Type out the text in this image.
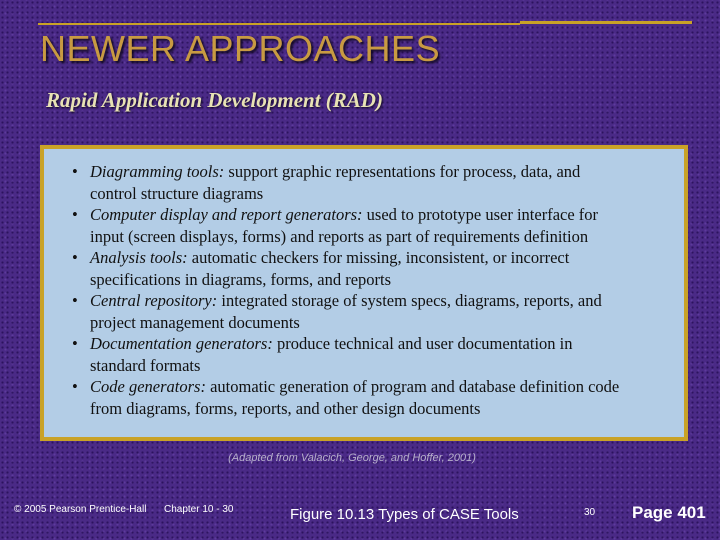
NEWER APPROACHES
Rapid Application Development (RAD)
• Diagramming tools: support graphic representations for process, data, and
control structure diagrams
• Computer display and report generators: used to prototype user interface for
input (screen displays, forms) and reports as part of requirements definition
• Analysis tools: automatic checkers for missing, inconsistent, or incorrect
specifications in diagrams, forms, and reports
• Central repository: integrated storage of system specs, diagrams, reports, and
project management documents
• Documentation generators: produce technical and user documentation in
standard formats
• Code generators: automatic generation of program and database definition code
from diagrams, forms, reports, and other design documents
(Adapted from Valacich, George, and Hoffer, 2001)
© 2005 Pearson Prentice-Hall Chapter 10 - 30	Figure 10.13 Types of CASE Tools	30 Page 401
